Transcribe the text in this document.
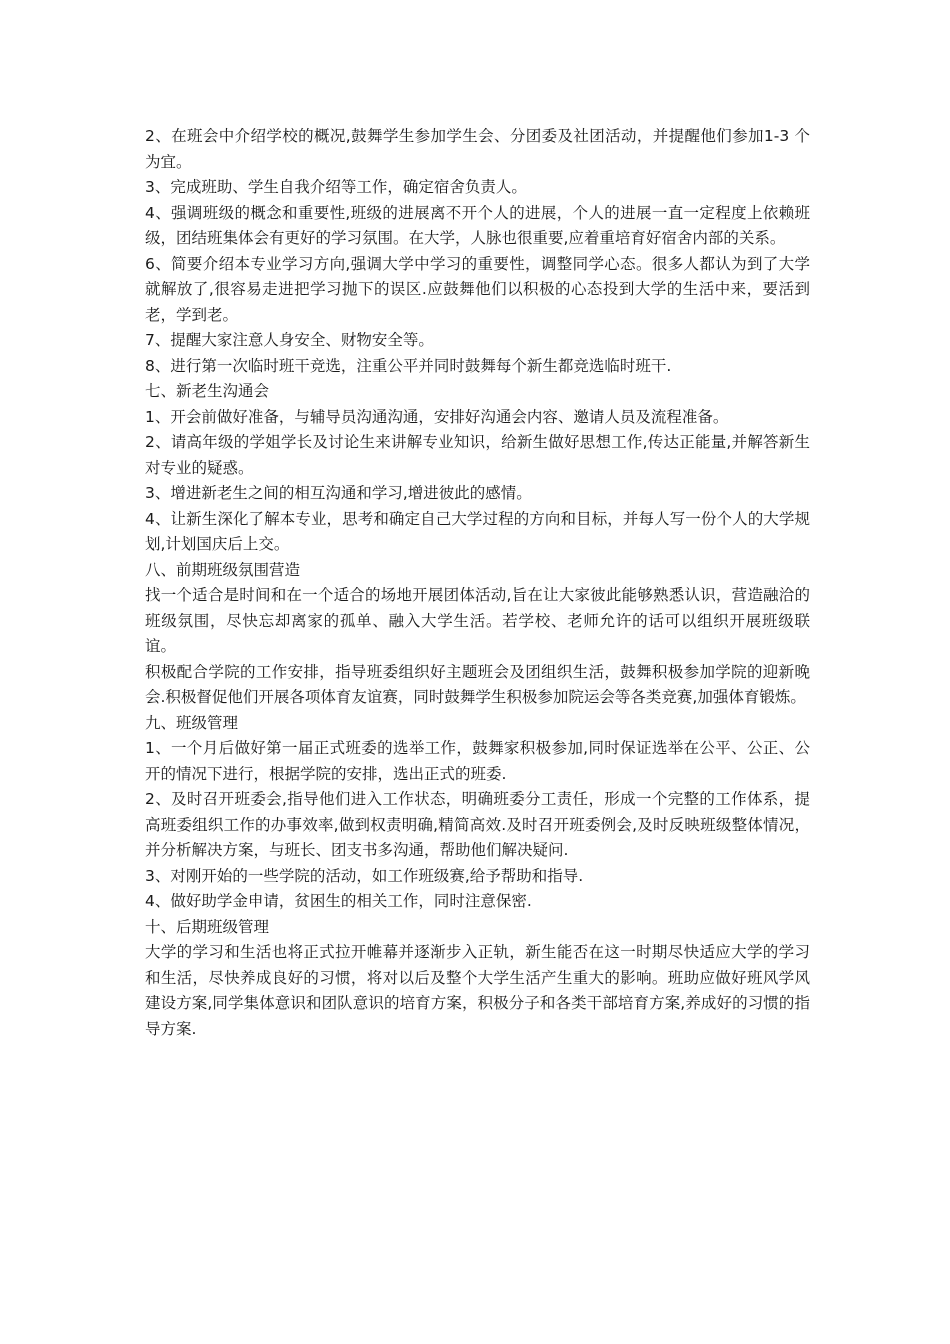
2、在班会中介绍学校的概况,鼓舞学生参加学生会、分团委及社团活动，并提醒他们参加1-3 个为宜。

3、完成班助、学生自我介绍等工作，确定宿舍负责人。

4、强调班级的概念和重要性,班级的进展离不开个人的进展，个人的进展一直一定程度上依赖班级，团结班集体会有更好的学习氛围。在大学，人脉也很重要,应着重培育好宿舍内部的关系。

6、简要介绍本专业学习方向,强调大学中学习的重要性，调整同学心态。很多人都认为到了大学就解放了,很容易走进把学习抛下的误区.应鼓舞他们以积极的心态投到大学的生活中来，要活到老，学到老。

7、提醒大家注意人身安全、财物安全等。

8、进行第一次临时班干竞选，注重公平并同时鼓舞每个新生都竞选临时班干.

七、新老生沟通会

1、开会前做好准备，与辅导员沟通沟通，安排好沟通会内容、邀请人员及流程准备。

2、请高年级的学姐学长及讨论生来讲解专业知识，给新生做好思想工作,传达正能量,并解答新生对专业的疑惑。

3、增进新老生之间的相互沟通和学习,增进彼此的感情。

4、让新生深化了解本专业，思考和确定自己大学过程的方向和目标，并每人写一份个人的大学规划,计划国庆后上交。

八、前期班级氛围营造

找一个适合是时间和在一个适合的场地开展团体活动,旨在让大家彼此能够熟悉认识，营造融洽的班级氛围，尽快忘却离家的孤单、融入大学生活。若学校、老师允许的话可以组织开展班级联谊。

积极配合学院的工作安排，指导班委组织好主题班会及团组织生活，鼓舞积极参加学院的迎新晚会.积极督促他们开展各项体育友谊赛，同时鼓舞学生积极参加院运会等各类竞赛,加强体育锻炼。

九、班级管理

1、一个月后做好第一届正式班委的选举工作，鼓舞家积极参加,同时保证选举在公平、公正、公开的情况下进行，根据学院的安排，选出正式的班委.

2、及时召开班委会,指导他们进入工作状态，明确班委分工责任，形成一个完整的工作体系，提高班委组织工作的办事效率,做到权责明确,精简高效.及时召开班委例会,及时反映班级整体情况，并分析解决方案，与班长、团支书多沟通，帮助他们解决疑问.

3、对刚开始的一些学院的活动，如工作班级赛,给予帮助和指导.

4、做好助学金申请，贫困生的相关工作，同时注意保密.

十、后期班级管理

大学的学习和生活也将正式拉开帷幕并逐渐步入正轨，新生能否在这一时期尽快适应大学的学习和生活，尽快养成良好的习惯，将对以后及整个大学生活产生重大的影响。班助应做好班风学风建设方案,同学集体意识和团队意识的培育方案，积极分子和各类干部培育方案,养成好的习惯的指导方案.
